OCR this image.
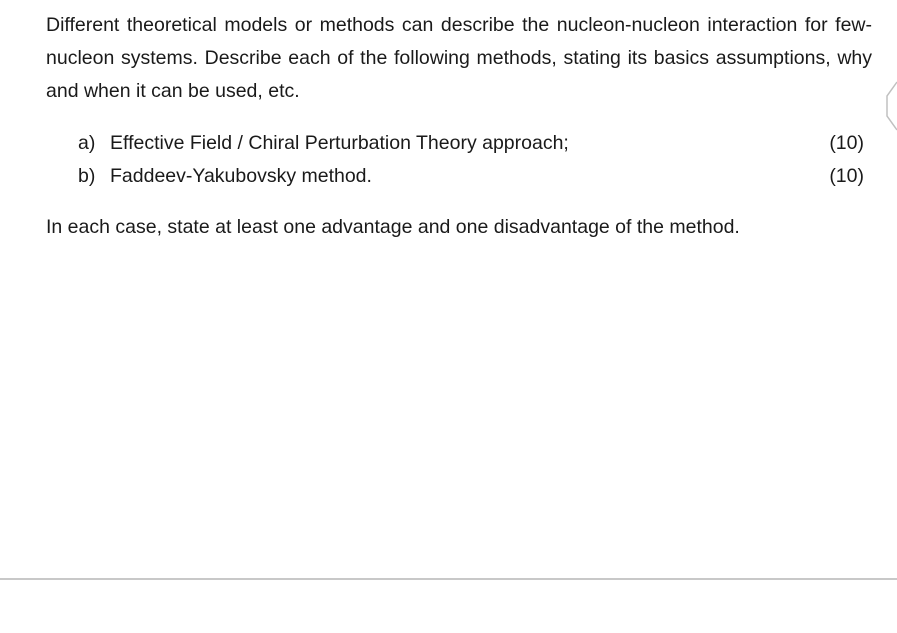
Different theoretical models or methods can describe the nucleon-nucleon interaction for few-nucleon systems. Describe each of the following methods, stating its basics assumptions, why and when it can be used, etc.

a) Effective Field / Chiral Perturbation Theory approach;	(10)
b) Faddeev-Yakubovsky method.	(10)

In each case, state at least one advantage and one disadvantage of the method.
